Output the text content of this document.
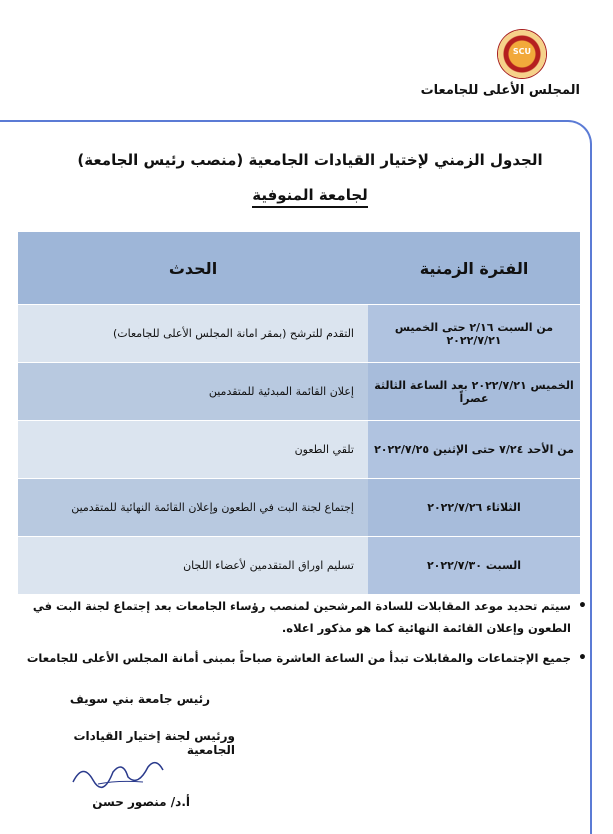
SCU
المجلس الأعلى للجامعات
الجدول الزمني لإختيار القيادات الجامعية (منصب رئيس الجامعة)
لجامعة المنوفية
الفترة الزمنية	الحدث
من السبت ٢/١٦ حتى الخميس ٢٠٢٢/٧/٢١	التقدم للترشح (بمقر امانة المجلس الأعلى للجامعات)
الخميس ٢٠٢٢/٧/٢١ بعد الساعة الثالثة عصراً	إعلان القائمة المبدئية للمتقدمين
من الأحد ٧/٢٤ حتى الإثنين ٢٠٢٢/٧/٢٥	تلقي الطعون
الثلاثاء ٢٠٢٢/٧/٢٦	إجتماع لجنة البت في الطعون وإعلان القائمة النهائية للمتقدمين
السبت ٢٠٢٢/٧/٣٠	تسليم اوراق المتقدمين لأعضاء اللجان
• سيتم تحديد موعد المقابلات للسادة المرشحين لمنصب رؤساء الجامعات بعد إجتماع لجنة البت في الطعون وإعلان القائمة النهائية كما هو مذكور اعلاه.
• جميع الإجتماعات والمقابلات تبدأ من الساعة العاشرة صباحاً بمبنى أمانة المجلس الأعلى للجامعات
رئيس جامعة بني سويف
ورئيس لجنة إختيار القيادات الجامعية
أ.د/ منصور حسن
